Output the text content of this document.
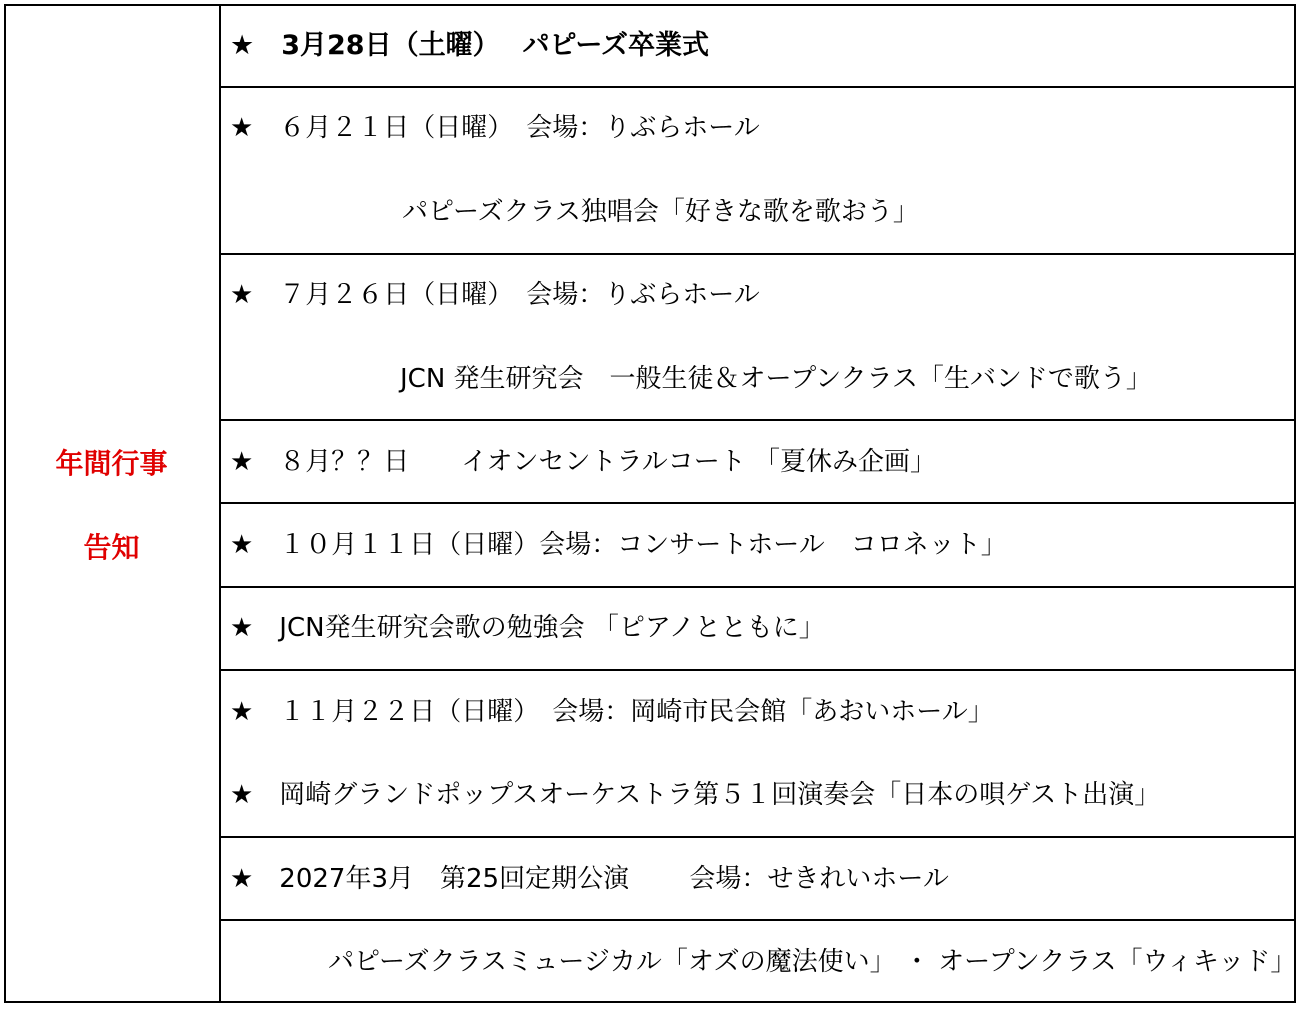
年間行事
告知
★　3月28日（土曜）　 パピーズ卒業式
★　６月２１日（日曜）　会場：りぶらホール
パピーズクラス独唱会「好きな歌を歌おう」
★　７月２６日（日曜）　会場：りぶらホール
JCN 発生研究会　一般生徒＆オープンクラス「生バンドで歌う」
★　８月？？日　　イオンセントラルコート 「夏休み企画」
★　１０月１１日（日曜）会場：コンサートホール　コロネット」
★　JCN発生研究会歌の勉強会 「ピアノとともに」
★　１１月２２日（日曜）　会場：岡崎市民会館「あおいホール」
★　岡崎グランドポップスオーケストラ第５１回演奏会「日本の唄ゲスト出演」
★　2027年3月　第25回定期公演　　 会場：せきれいホール
パピーズクラスミュージカル「オズの魔法使い」 ・ オープンクラス「ウィキッド」
